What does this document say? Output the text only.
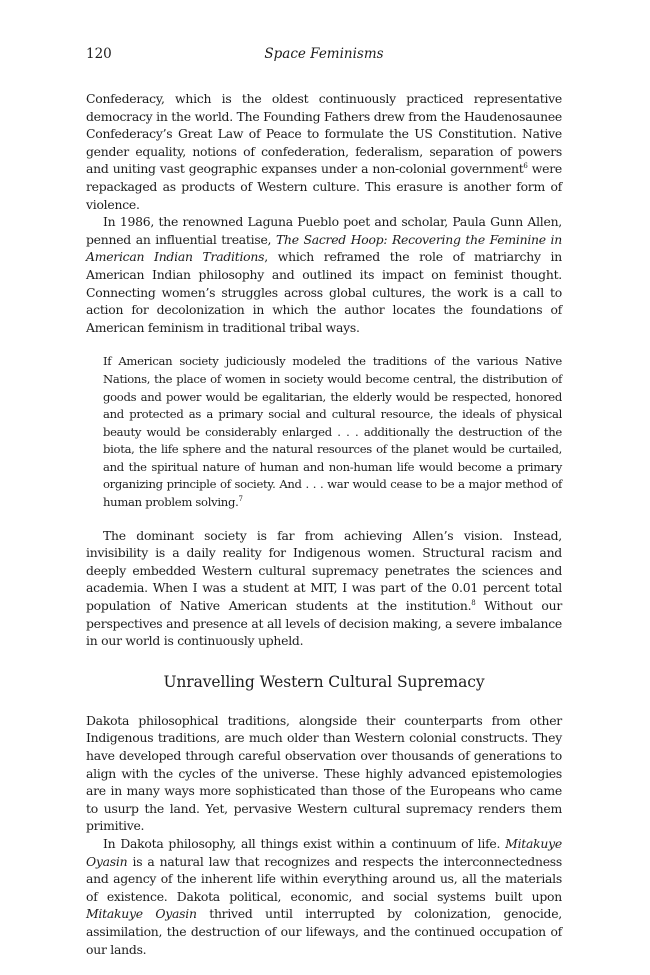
120	Space Feminisms

Confederacy, which is the oldest continuously practiced representative democracy in the world. The Founding Fathers drew from the Haudenosaunee Confederacy’s Great Law of Peace to formulate the US Constitution. Native gender equality, notions of confederation, federalism, separation of powers and uniting vast geographic expanses under a non-colonial government$^6$ were repackaged as products of Western culture. This erasure is another form of violence.

In 1986, the renowned Laguna Pueblo poet and scholar, Paula Gunn Allen, penned an influential treatise, The Sacred Hoop: Recovering the Feminine in American Indian Traditions, which reframed the role of matriarchy in American Indian philosophy and outlined its impact on feminist thought. Connecting women’s struggles across global cultures, the work is a call to action for decolonization in which the author locates the foundations of American feminism in traditional tribal ways.

If American society judiciously modeled the traditions of the various Native Nations, the place of women in society would become central, the distribution of goods and power would be egalitarian, the elderly would be respected, honored and protected as a primary social and cultural resource, the ideals of physical beauty would be considerably enlarged . . . additionally the destruction of the biota, the life sphere and the natural resources of the planet would be curtailed, and the spiritual nature of human and non-human life would become a primary organizing principle of society. And . . . war would cease to be a major method of human problem solving.$^7$

The dominant society is far from achieving Allen’s vision. Instead, invisibility is a daily reality for Indigenous women. Structural racism and deeply embedded Western cultural supremacy penetrates the sciences and academia. When I was a student at MIT, I was part of the 0.01 percent total population of Native American students at the institution.$^8$ Without our perspectives and presence at all levels of decision making, a severe imbalance in our world is continuously upheld.

Unravelling Western Cultural Supremacy

Dakota philosophical traditions, alongside their counterparts from other Indigenous traditions, are much older than Western colonial constructs. They have developed through careful observation over thousands of generations to align with the cycles of the universe. These highly advanced epistemologies are in many ways more sophisticated than those of the Europeans who came to usurp the land. Yet, pervasive Western cultural supremacy renders them primitive.

In Dakota philosophy, all things exist within a continuum of life. Mitakuye Oyasin is a natural law that recognizes and respects the interconnectedness and agency of the inherent life within everything around us, all the materials of existence. Dakota political, economic, and social systems built upon Mitakuye Oyasin thrived until interrupted by colonization, genocide, assimilation, the destruction of our lifeways, and the continued occupation of our lands.
